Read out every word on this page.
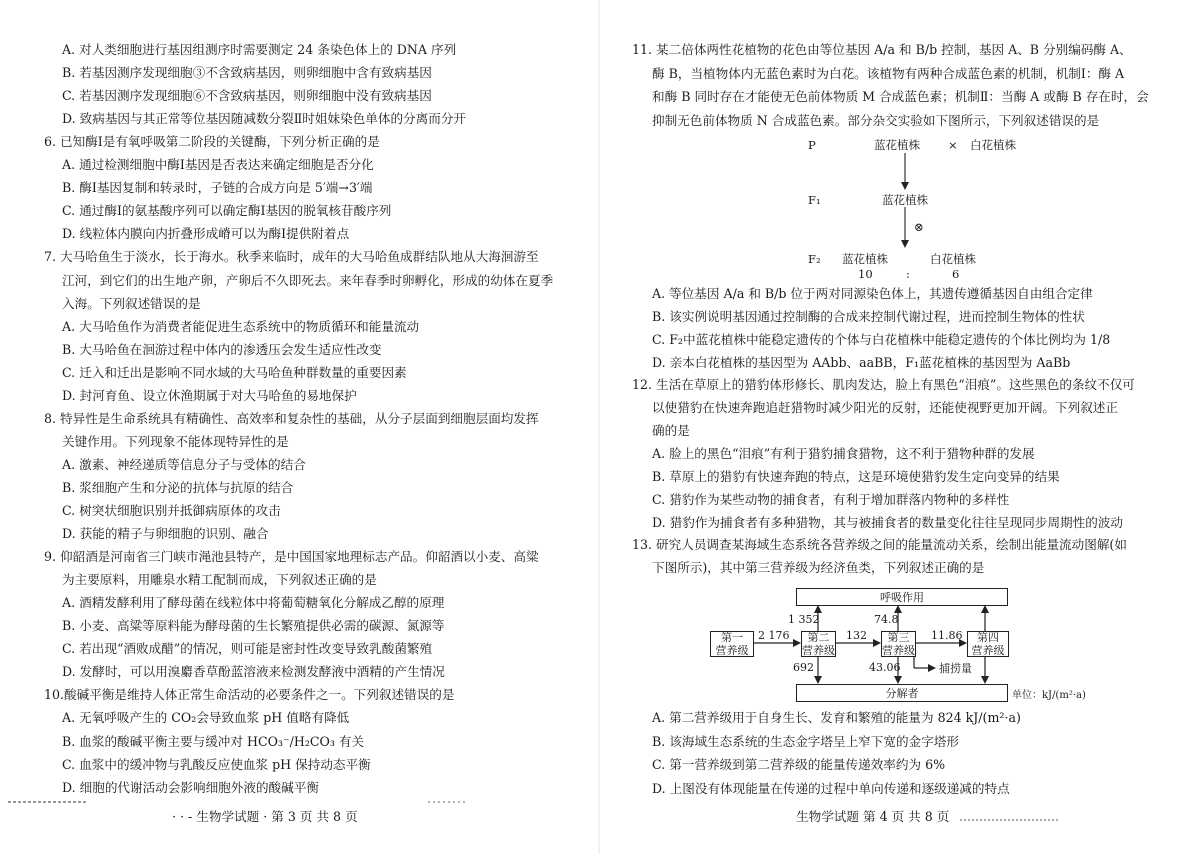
A. 对人类细胞进行基因组测序时需要测定 24 条染色体上的 DNA 序列
B. 若基因测序发现细胞③不含致病基因，则卵细胞中含有致病基因
C. 若基因测序发现细胞⑥不含致病基因，则卵细胞中没有致病基因
D. 致病基因与其正常等位基因随减数分裂Ⅱ时姐妹染色单体的分离而分开
6. 已知酶Ⅰ是有氧呼吸第二阶段的关键酶，下列分析正确的是
A. 通过检测细胞中酶Ⅰ基因是否表达来确定细胞是否分化
B. 酶Ⅰ基因复制和转录时，子链的合成方向是 5′端→3′端
C. 通过酶Ⅰ的氨基酸序列可以确定酶Ⅰ基因的脱氧核苷酸序列
D. 线粒体内膜向内折叠形成嵴可以为酶Ⅰ提供附着点
7. 大马哈鱼生于淡水，长于海水。秋季来临时，成年的大马哈鱼成群结队地从大海洄游至
江河，到它们的出生地产卵，产卵后不久即死去。来年春季时卵孵化，形成的幼体在夏季
入海。下列叙述错误的是
A. 大马哈鱼作为消费者能促进生态系统中的物质循环和能量流动
B. 大马哈鱼在洄游过程中体内的渗透压会发生适应性改变
C. 迁入和迁出是影响不同水域的大马哈鱼种群数量的重要因素
D. 封河育鱼、设立休渔期属于对大马哈鱼的易地保护
8. 特异性是生命系统具有精确性、高效率和复杂性的基础，从分子层面到细胞层面均发挥
关键作用。下列现象不能体现特异性的是
A. 激素、神经递质等信息分子与受体的结合
B. 浆细胞产生和分泌的抗体与抗原的结合
C. 树突状细胞识别并抵御病原体的攻击
D. 获能的精子与卵细胞的识别、融合
9. 仰韶酒是河南省三门峡市渑池县特产，是中国国家地理标志产品。仰韶酒以小麦、高粱
为主要原料，用雕泉水精工配制而成，下列叙述正确的是
A. 酒精发酵利用了酵母菌在线粒体中将葡萄糖氧化分解成乙醇的原理
B. 小麦、高粱等原料能为酵母菌的生长繁殖提供必需的碳源、氮源等
C. 若出现“酒败成醋”的情况，则可能是密封性改变导致乳酸菌繁殖
D. 发酵时，可以用溴麝香草酚蓝溶液来检测发酵液中酒精的产生情况
10.酸碱平衡是维持人体正常生命活动的必要条件之一。下列叙述错误的是
A. 无氧呼吸产生的 CO₂会导致血浆 pH 值略有降低
B. 血浆的酸碱平衡主要与缓冲对 HCO₃⁻/H₂CO₃ 有关
C. 血浆中的缓冲物与乳酸反应使血浆 pH 保持动态平衡
D. 细胞的代谢活动会影响细胞外液的酸碱平衡
· · - 生物学试题 · 第 3 页 共 8 页
11. 某二倍体两性花植物的花色由等位基因 A/a 和 B/b 控制，基因 A、B 分别编码酶 A、
酶 B，当植物体内无蓝色素时为白花。该植物有两种合成蓝色素的机制，机制Ⅰ：酶 A
和酶 B 同时存在才能使无色前体物质 M 合成蓝色素；机制Ⅱ：当酶 A 或酶 B 存在时，会
抑制无色前体物质 N 合成蓝色素。部分杂交实验如下图所示，下列叙述错误的是
P	蓝花植株 × 白花植株
F₁	蓝花植株
⊗
F₂ 蓝花植株	白花植株
10	:	6
A. 等位基因 A/a 和 B/b 位于两对同源染色体上，其遗传遵循基因自由组合定律
B. 该实例说明基因通过控制酶的合成来控制代谢过程，进而控制生物体的性状
C. F₂中蓝花植株中能稳定遗传的个体与白花植株中能稳定遗传的个体比例均为 1/8
D. 亲本白花植株的基因型为 AAbb、aaBB，F₁蓝花植株的基因型为 AaBb
12. 生活在草原上的猎豹体形修长、肌肉发达，脸上有黑色“泪痕”。这些黑色的条纹不仅可
以使猎豹在快速奔跑追赶猎物时减少阳光的反射，还能使视野更加开阔。下列叙述正
确的是
A. 脸上的黑色“泪痕”有利于猎豹捕食猎物，这不利于猎物种群的发展
B. 草原上的猎豹有快速奔跑的特点，这是环境使猎豹发生定向变异的结果
C. 猎豹作为某些动物的捕食者，有利于增加群落内物种的多样性
D. 猎豹作为捕食者有多种猎物，其与被捕食者的数量变化往往呈现同步周期性的波动
13. 研究人员调查某海域生态系统各营养级之间的能量流动关系，绘制出能量流动图解(如
下图所示)，其中第三营养级为经济鱼类，下列叙述正确的是
呼吸作用
第一
营养级
第二
营养级
第三
营养级
第四
营养级
分解者
2 176	132	11.86
1 352	74.8
692	43.06	捕捞量
单位：kJ/(m²·a)
A. 第二营养级用于自身生长、发育和繁殖的能量为 824 kJ/(m²·a)
B. 该海域生态系统的生态金字塔呈上窄下宽的金字塔形
C. 第一营养级到第二营养级的能量传递效率约为 6%
D. 上图没有体现能量在传递的过程中单向传递和逐级递减的特点
生物学试题 第 4 页 共 8 页
